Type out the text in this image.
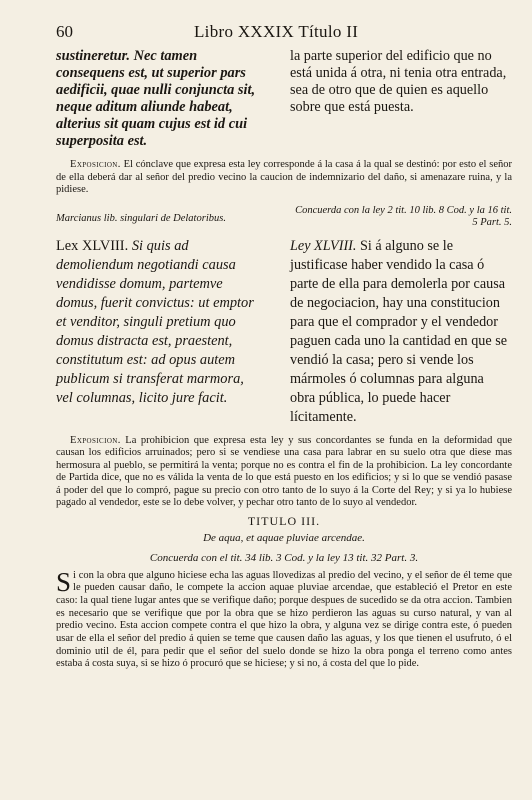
60	Libro XXXIX Título II

sustineretur. Nec tamen consequens est, ut superior pars aedificii, quae nulli conjuncta sit, neque aditum aliunde habeat, alterius sit quam cujus est id cui superposita est.

la parte superior del edificio que no está unida á otra, ni tenia otra entrada, sea de otro que de quien es aquello sobre que está puesta.

Exposicion. El cónclave que expresa esta ley corresponde á la casa á la qual se destinó: por esto el señor de ella deberá dar al señor del predio vecino la caucion de indemnizario del daño, si amenazare ruina, y la pidiese.

Marcianus lib. singulari de Delatoribus.

Concuerda con la ley 2 tit. 10 lib. 8 Cod. y la 16 tit. 5 Part. 5.

Lex XLVIII. Si quis ad demoliendum negotiandi causa vendidisse domum, partemve domus, fuerit convictus: ut emptor et venditor, singuli pretium quo domus distracta est, praestent, constitutum est: ad opus autem publicum si transferat marmora, vel columnas, licito jure facit.

Ley XLVIII. Si á alguno se le justificase haber vendido la casa ó parte de ella para demolerla por causa de negociacion, hay una constitucion para que el comprador y el vendedor paguen cada uno la cantidad en que se vendió la casa; pero si vende los mármoles ó columnas para alguna obra pública, lo puede hacer lícitamente.

Exposicion. La prohibicion que expresa esta ley y sus concordantes se funda en la deformidad que causan los edificios arruinados; pero si se vendiese una casa para labrar en su suelo otra que diese mas hermosura al pueblo, se permitirá la venta; porque no es contra el fin de la prohibicion. La ley concordante de Partida dice, que no es válida la venta de lo que está puesto en los edificios; y si lo que se vendió pasase á poder del que lo compró, pague su precio con otro tanto de lo suyo á la Corte del Rey; y si ya lo hubiese pagado al vendedor, este se lo debe volver, y pechar otro tanto de lo suyo al vendedor.

TITULO III.

De aqua, et aquae pluviae arcendae.

Concuerda con el tit. 34 lib. 3 Cod. y la ley 13 tit. 32 Part. 3.

S i con la obra que alguno hiciese echa las aguas llovedizas al predio del vecino, y el señor de él teme que le pueden causar daño, le compete la accion aquae pluviae arcendae, que estableció el Pretor en este caso: la qual tiene lugar antes que se verifique daño; porque despues de sucedido se da otra accion. Tambien es necesario que se verifique que por la obra que se hizo perdieron las aguas su curso natural, y van al predio vecino. Esta accion compete contra el que hizo la obra, y alguna vez se dirige contra este, ó pueden usar de ella el señor del predio á quien se teme que causen daño las aguas, y los que tienen el usufruto, ó el dominio util de él, para pedir que el señor del suelo donde se hizo la obra ponga el terreno como antes estaba á costa suya, si se hizo ó procuró que se hiciese; y si no, á costa del que lo pide.
